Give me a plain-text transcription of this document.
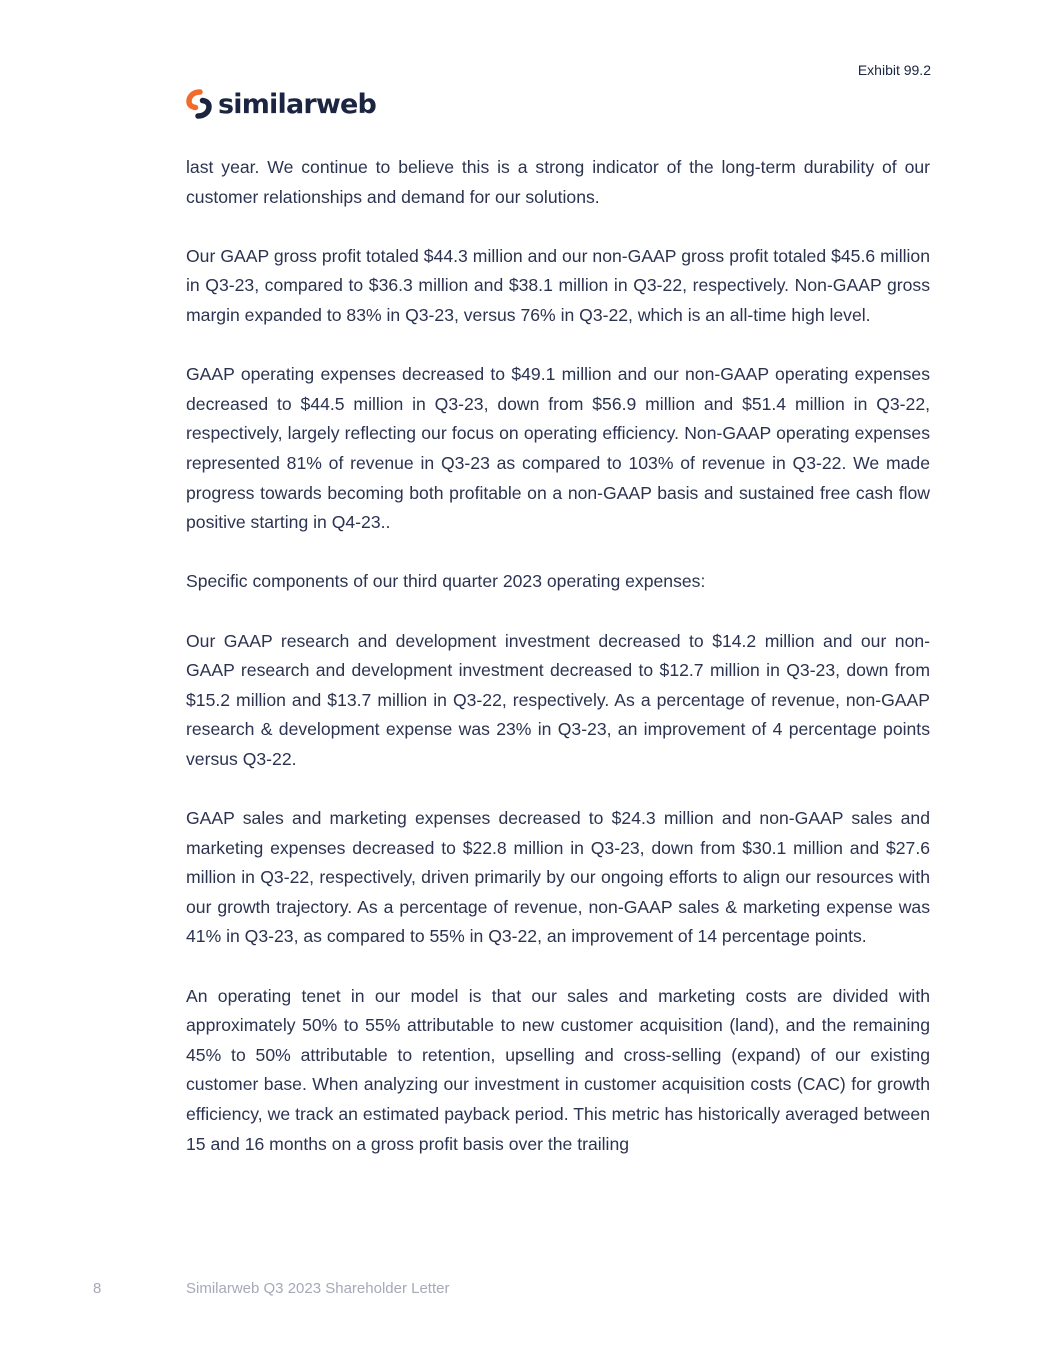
Exhibit 99.2
similarweb

last year. We continue to believe this is a strong indicator of the long-term durability of our customer relationships and demand for our solutions.

Our GAAP gross profit totaled $44.3 million and our non-GAAP gross profit totaled $45.6 million in Q3-23, compared to $36.3 million and $38.1 million in Q3-22, respectively. Non-GAAP gross margin expanded to 83% in Q3-23, versus 76% in Q3-22, which is an all-time high level.

GAAP operating expenses decreased to $49.1 million and our non-GAAP operating expenses decreased to $44.5 million in Q3-23, down from $56.9 million and $51.4 million in Q3-22, respectively, largely reflecting our focus on operating efficiency. Non-GAAP operating expenses represented 81% of revenue in Q3-23 as compared to 103% of revenue in Q3-22. We made progress towards becoming both profitable on a non-GAAP basis and sustained free cash flow positive starting in Q4-23..

Specific components of our third quarter 2023 operating expenses:

Our GAAP research and development investment decreased to $14.2 million and our non-GAAP research and development investment decreased to $12.7 million in Q3-23, down from $15.2 million and $13.7 million in Q3-22, respectively. As a percentage of revenue, non-GAAP research & development expense was 23% in Q3-23, an improvement of 4 percentage points versus Q3-22.

GAAP sales and marketing expenses decreased to $24.3 million and non-GAAP sales and marketing expenses decreased to $22.8 million in Q3-23, down from $30.1 million and $27.6 million in Q3-22, respectively, driven primarily by our ongoing efforts to align our resources with our growth trajectory. As a percentage of revenue, non-GAAP sales & marketing expense was 41% in Q3-23, as compared to 55% in Q3-22, an improvement of 14 percentage points.

An operating tenet in our model is that our sales and marketing costs are divided with approximately 50% to 55% attributable to new customer acquisition (land), and the remaining 45% to 50% attributable to retention, upselling and cross-selling (expand) of our existing customer base. When analyzing our investment in customer acquisition costs (CAC) for growth efficiency, we track an estimated payback period. This metric has historically averaged between 15 and 16 months on a gross profit basis over the trailing

8	Similarweb Q3 2023 Shareholder Letter
